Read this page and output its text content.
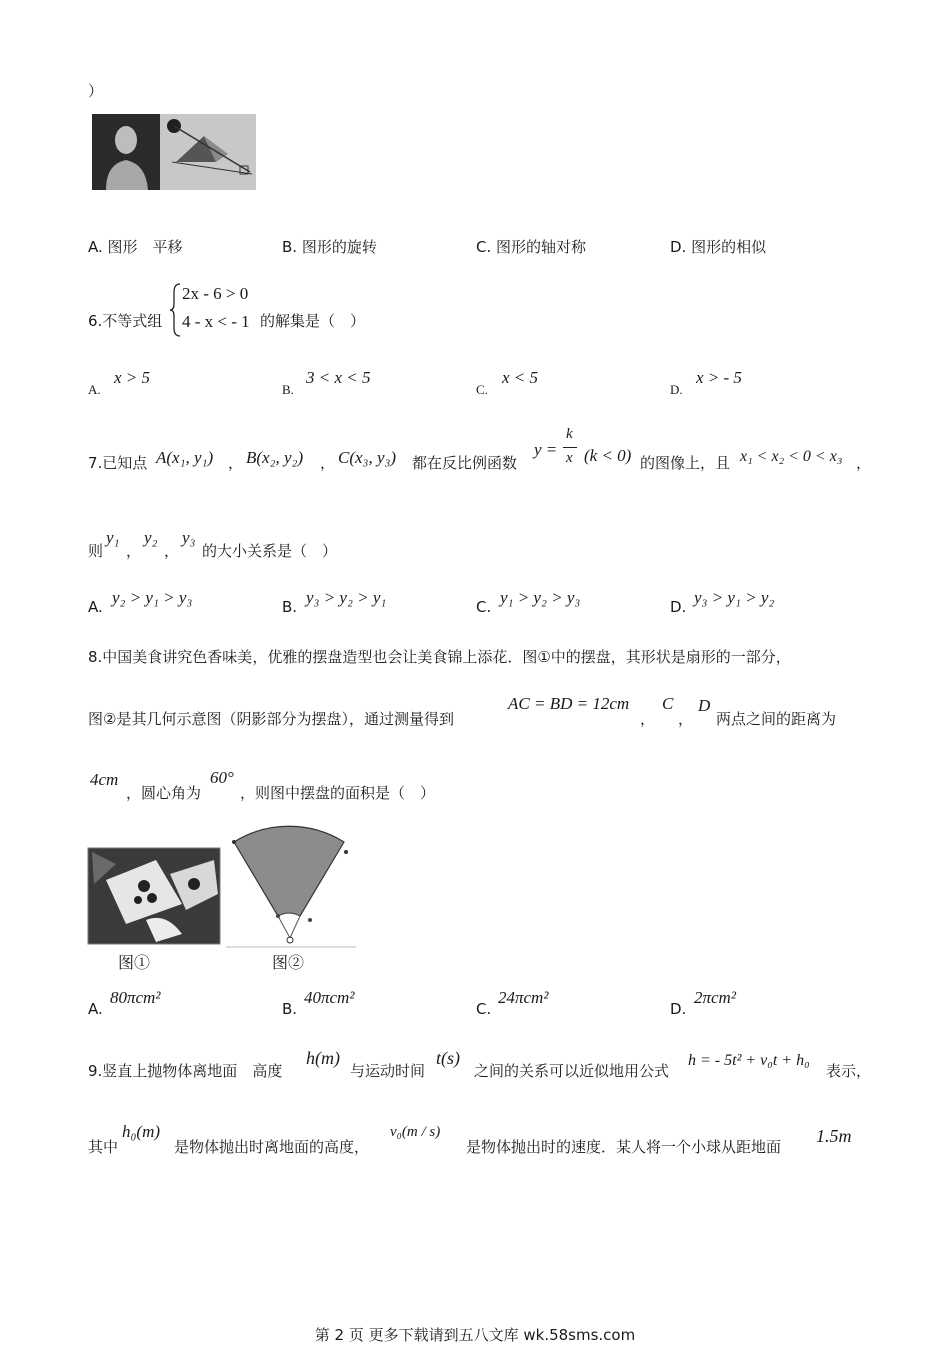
）
A. 图形　平移	B. 图形的旋转	C. 图形的轴对称	D. 图形的相似
6.不等式组
2x - 6 > 0
4 - x < - 1 的解集是（　）
A.
x > 5
B.
3 < x < 5
C.
x < 5
D.
x > - 5
7.已知点 A(x₁, y₁) ， B(x₂, y₂) ， C(x₃, y₃) 都在反比例函数
y =
k
x (k < 0) 的图像上，且 x₁ < x₂ < 0 < x₃ ，
则
y₁
，
y₂
，
y₃
的大小关系是（　）
A. y₂ > y₁ > y₃	B. y₃ > y₂ > y₁	C. y₁ > y₂ > y₃	D. y₃ > y₁ > y₂
8.中国美食讲究色香味美，优雅的摆盘造型也会让美食锦上添花．图①中的摆盘，其形状是扇形的一部分，
图②是其几何示意图（阴影部分为摆盘），通过测量得到
AC = BD = 12cm
，
C
，
D
两点之间的距离为
4cm
，圆心角为
60°
，则图中摆盘的面积是（　）
图①	图②
A.
80πcm²
B.
40πcm²
C.
24πcm²
D.
2πcm²
9.竖直上抛物体离地面　高度
h(m)
与运动时间
t(s)
之间的关系可以近似地用公式
h = - 5t² + v₀t + h₀
表示，
其中
h₀(m)
是物体抛出时离地面的高度，
v₀(m / s)
是物体抛出时的速度．某人将一个小球从距地面
1.5m
第 2 页 更多下载请到五八文库 wk.58sms.com
